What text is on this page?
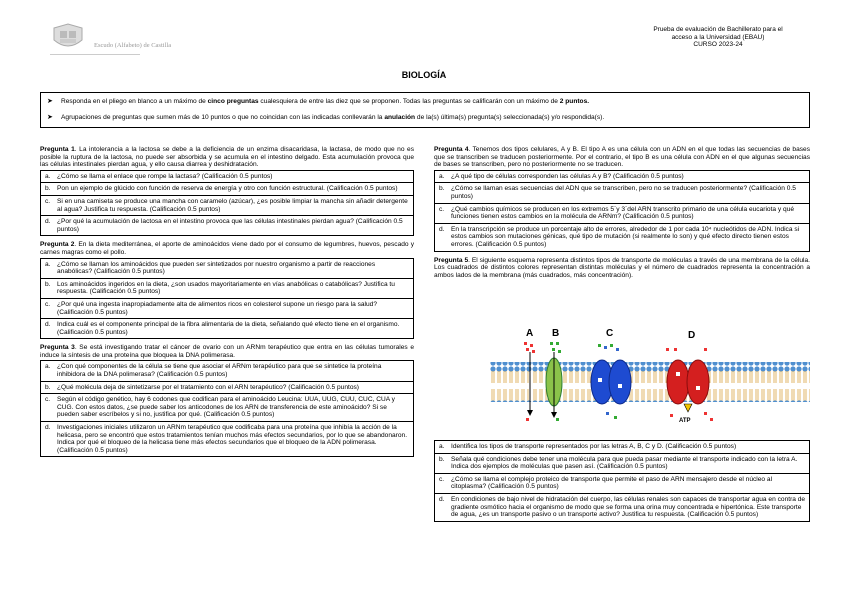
Escudo (Alfabeto) de Castilla
Prueba de evaluación de Bachillerato para el
acceso a la Universidad (EBAU)
CURSO 2023-24
BIOLOGÍA
➤ Responda en el pliego en blanco a un máximo de cinco preguntas cualesquiera de entre las diez que se proponen. Todas las preguntas se calificarán con un máximo de 2 puntos.
➤ Agrupaciones de preguntas que sumen más de 10 puntos o que no coincidan con las indicadas conllevarán la anulación de la(s) última(s) pregunta(s) seleccionada(s) y/o respondida(s).
Pregunta 1. La intolerancia a la lactosa se debe a la deficiencia de un enzima disacaridasa, la lactasa, de modo que no es posible la ruptura de la lactosa, no puede ser absorbida y se acumula en el intestino delgado. Esta acumulación provoca que las células intestinales pierdan agua, y ello causa diarrea y deshidratación.
a. ¿Cómo se llama el enlace que rompe la lactasa? (Calificación 0.5 puntos)
b. Pon un ejemplo de glúcido con función de reserva de energía y otro con función estructural. (Calificación 0.5 puntos)
c. Si en una camiseta se produce una mancha con caramelo (azúcar), ¿es posible limpiar la mancha sin añadir detergente al agua? Justifica tu respuesta. (Calificación 0.5 puntos)
d. ¿Por qué la acumulación de lactosa en el intestino provoca que las células intestinales pierdan agua? (Calificación 0.5 puntos)
Pregunta 2. En la dieta mediterránea, el aporte de aminoácidos viene dado por el consumo de legumbres, huevos, pescado y carnes magras como el pollo.
a. ¿Cómo se llaman los aminoácidos que pueden ser sintetizados por nuestro organismo a partir de reacciones anabólicas? (Calificación 0.5 puntos)
b. Los aminoácidos ingeridos en la dieta, ¿son usados mayoritariamente en vías anabólicas o catabólicas? Justifica tu respuesta. (Calificación 0.5 puntos)
c. ¿Por qué una ingesta inapropiadamente alta de alimentos ricos en colesterol supone un riesgo para la salud? (Calificación 0.5 puntos)
d. Indica cuál es el componente principal de la fibra alimentaria de la dieta, señalando qué efecto tiene en el organismo. (Calificación 0.5 puntos)
Pregunta 3. Se está investigando tratar el cáncer de ovario con un ARNm terapéutico que entra en las células tumorales e induce la síntesis de una proteína que bloquea la DNA polimerasa.
a. ¿Con qué componentes de la célula se tiene que asociar el ARNm terapéutico para que se sintetice la proteína inhibidora de la DNA polimerasa? (Calificación 0.5 puntos)
b. ¿Qué molécula deja de sintetizarse por el tratamiento con el ARN terapéutico? (Calificación 0.5 puntos)
c. Según el código genético, hay 6 codones que codifican para el aminoácido Leucina: UUA, UUG, CUU, CUC, CUA y CUG. Con estos datos, ¿se puede saber los anticodones de los ARN de transferencia de este aminoácido? Si se pueden saber escríbelos y si no, justifica por qué. (Calificación 0.5 puntos)
d. Investigaciones iniciales utilizaron un ARNm terapéutico que codificaba para una proteína que inhibía la acción de la helicasa, pero se encontró que estos tratamientos tenían muchos más efectos secundarios, por lo que se abandonaron. Indica por qué el bloqueo de la helicasa tiene más efectos secundarios que el bloqueo de la ADN polimerasa. (Calificación 0.5 puntos)
Pregunta 4. Tenemos dos tipos celulares, A y B. El tipo A es una célula con un ADN en el que todas las secuencias de bases que se transcriben se traducen posteriormente. Por el contrario, el tipo B es una célula con ADN en el que algunas secuencias de bases se transcriben, pero no posteriormente no se traducen.
a. ¿A qué tipo de células corresponden las células A y B? (Calificación 0.5 puntos)
b. ¿Cómo se llaman esas secuencias del ADN que se transcriben, pero no se traducen posteriormente? (Calificación 0.5 puntos)
c. ¿Qué cambios químicos se producen en los extremos 5´y 3´del ARN transcrito primario de una célula eucariota y qué funciones tienen estos cambios en la molécula de ARNm? (Calificación 0.5 puntos)
d. En la transcripción se produce un porcentaje alto de errores, alrededor de 1 por cada 10⁴ nucleótidos de ADN. Indica si estos cambios son mutaciones génicas, qué tipo de mutación (si realmente lo son) y qué efecto directo tienen estos errores. (Calificación 0.5 puntos)
Pregunta 5. El siguiente esquema representa distintos tipos de transporte de moléculas a través de una membrana de la célula. Los cuadrados de distintos colores representan distintas moléculas y el número de cuadrados representa la concentración a ambos lados de la membrana (más cuadrados, más concentración).
A B	C	D
ATP
a. Identifica los tipos de transporte representados por las letras A, B, C y D. (Calificación 0.5 puntos)
b. Señala qué condiciones debe tener una molécula para que pueda pasar mediante el transporte indicado con la letra A. Indica dos ejemplos de moléculas que pasen así. (Calificación 0.5 puntos)
c. ¿Cómo se llama el complejo proteico de transporte que permite el paso de ARN mensajero desde el núcleo al citoplasma? (Calificación 0.5 puntos)
d. En condiciones de bajo nivel de hidratación del cuerpo, las células renales son capaces de transportar agua en contra de gradiente osmótico hacia el organismo de modo que se forma una orina muy concentrada e hipertónica. Este transporte de agua, ¿es un transporte pasivo o un transporte activo? Justifica tu respuesta. (Calificación 0.5 puntos)
